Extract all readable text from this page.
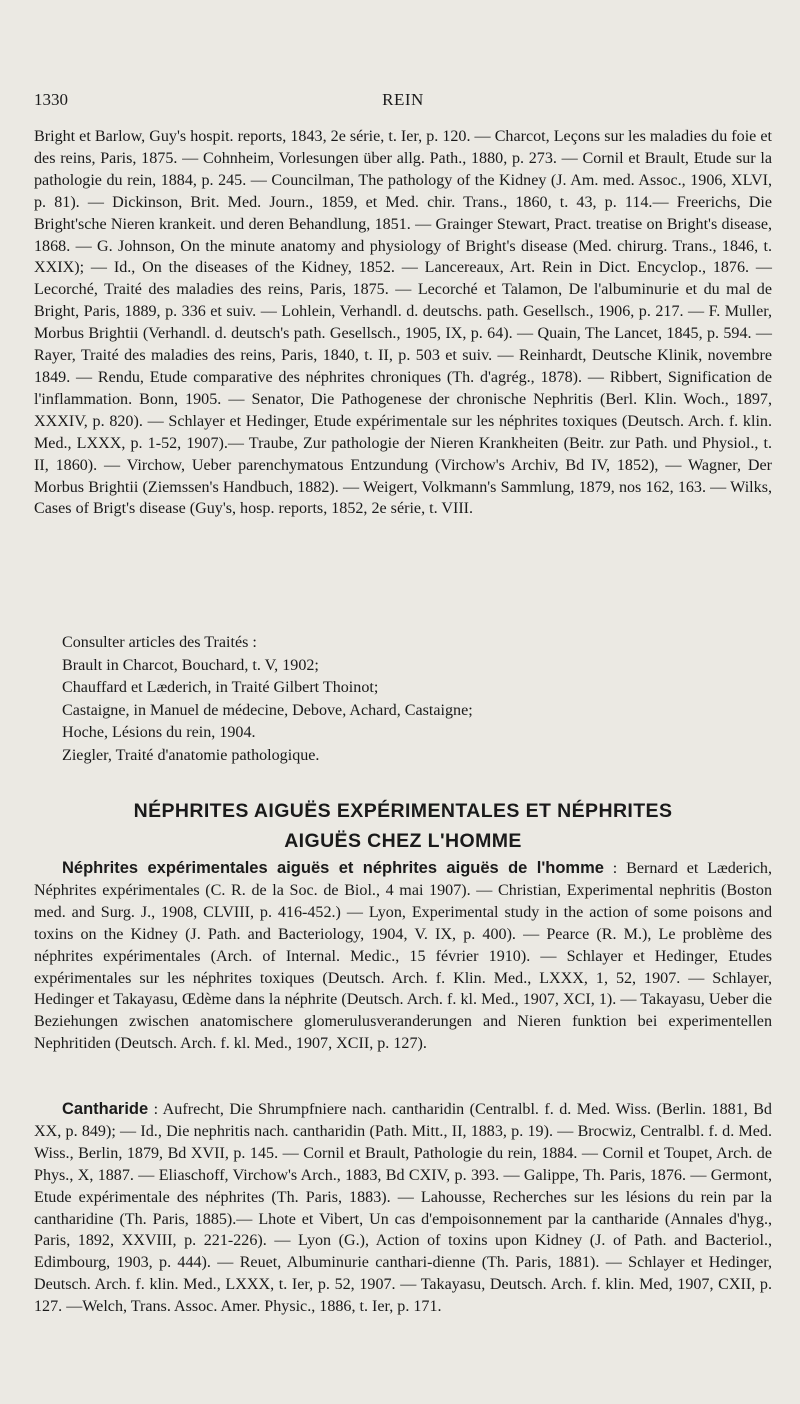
1330	REIN
Bright et Barlow, Guy's hospit. reports, 1843, 2e série, t. Ier, p. 120. — Charcot, Leçons sur les maladies du foie et des reins, Paris, 1875. — Cohnheim, Vorlesungen über allg. Path., 1880, p. 273. — Cornil et Brault, Etude sur la pathologie du rein, 1884, p. 245. — Councilman, The pathology of the Kidney (J. Am. med. Assoc., 1906, XLVI, p. 81). — Dickinson, Brit. Med. Journ., 1859, et Med. chir. Trans., 1860, t. 43, p. 114.— Freerichs, Die Bright'sche Nieren krankeit. und deren Behandlung, 1851. — Grainger Stewart, Pract. treatise on Bright's disease, 1868. — G. Johnson, On the minute anatomy and physiology of Bright's disease (Med. chirurg. Trans., 1846, t. XXIX); — Id., On the diseases of the Kidney, 1852. — Lancereaux, Art. Rein in Dict. Encyclop., 1876. — Lecorché, Traité des maladies des reins, Paris, 1875. — Lecorché et Talamon, De l'albuminurie et du mal de Bright, Paris, 1889, p. 336 et suiv. — Lohlein, Verhandl. d. deutschs. path. Gesellsch., 1906, p. 217. — F. Muller, Morbus Brightii (Verhandl. d. deutsch's path. Gesellsch., 1905, IX, p. 64). — Quain, The Lancet, 1845, p. 594. — Rayer, Traité des maladies des reins, Paris, 1840, t. II, p. 503 et suiv. — Reinhardt, Deutsche Klinik, novembre 1849. — Rendu, Etude comparative des néphrites chroniques (Th. d'agrég., 1878). — Ribbert, Signification de l'inflammation. Bonn, 1905. — Senator, Die Pathogenese der chronische Nephritis (Berl. Klin. Woch., 1897, XXXIV, p. 820). — Schlayer et Hedinger, Etude expérimentale sur les néphrites toxiques (Deutsch. Arch. f. klin. Med., LXXX, p. 1-52, 1907).— Traube, Zur pathologie der Nieren Krankheiten (Beitr. zur Path. und Physiol., t. II, 1860). — Virchow, Ueber parenchymatous Entzundung (Virchow's Archiv, Bd IV, 1852), — Wagner, Der Morbus Brightii (Ziemssen's Handbuch, 1882). — Weigert, Volkmann's Sammlung, 1879, nos 162, 163. — Wilks, Cases of Brigt's disease (Guy's, hosp. reports, 1852, 2e série, t. VIII.

Consulter articles des Traités :

Brault in Charcot, Bouchard, t. V, 1902;

Chauffard et Læderich, in Traité Gilbert Thoinot;

Castaigne, in Manuel de médecine, Debove, Achard, Castaigne;

Hoche, Lésions du rein, 1904.

Ziegler, Traité d'anatomie pathologique.

NÉPHRITES AIGUËS EXPÉRIMENTALES ET NÉPHRITES
AIGUËS CHEZ L'HOMME
Néphrites expérimentales aiguës et néphrites aiguës de l'homme : Bernard et Læderich, Néphrites expérimentales (C. R. de la Soc. de Biol., 4 mai 1907). — Christian, Experimental nephritis (Boston med. and Surg. J., 1908, CLVIII, p. 416-452.) — Lyon, Experimental study in the action of some poisons and toxins on the Kidney (J. Path. and Bacteriology, 1904, V. IX, p. 400). — Pearce (R. M.), Le problème des néphrites expérimentales (Arch. of Internal. Medic., 15 février 1910). — Schlayer et Hedinger, Etudes expérimentales sur les néphrites toxiques (Deutsch. Arch. f. Klin. Med., LXXX, 1, 52, 1907. — Schlayer, Hedinger et Takayasu, Œdème dans la néphrite (Deutsch. Arch. f. kl. Med., 1907, XCI, 1). — Takayasu, Ueber die Beziehungen zwischen anatomischere glomerulusveranderungen and Nieren funktion bei experimentellen Nephritiden (Deutsch. Arch. f. kl. Med., 1907, XCII, p. 127).
Cantharide : Aufrecht, Die Shrumpfniere nach. cantharidin (Centralbl. f. d. Med. Wiss. (Berlin. 1881, Bd XX, p. 849); — Id., Die nephritis nach. cantharidin (Path. Mitt., II, 1883, p. 19). — Brocwiz, Centralbl. f. d. Med. Wiss., Berlin, 1879, Bd XVII, p. 145. — Cornil et Brault, Pathologie du rein, 1884. — Cornil et Toupet, Arch. de Phys., X, 1887. — Eliaschoff, Virchow's Arch., 1883, Bd CXIV, p. 393. — Galippe, Th. Paris, 1876. — Germont, Etude expérimentale des néphrites (Th. Paris, 1883). — Lahousse, Recherches sur les lésions du rein par la cantharidine (Th. Paris, 1885).— Lhote et Vibert, Un cas d'empoisonnement par la cantharide (Annales d'hyg., Paris, 1892, XXVIII, p. 221-226). — Lyon (G.), Action of toxins upon Kidney (J. of Path. and Bacteriol., Edimbourg, 1903, p. 444). — Reuet, Albuminurie canthari-dienne (Th. Paris, 1881). — Schlayer et Hedinger, Deutsch. Arch. f. klin. Med., LXXX, t. Ier, p. 52, 1907. — Takayasu, Deutsch. Arch. f. klin. Med, 1907, CXII, p. 127. —Welch, Trans. Assoc. Amer. Physic., 1886, t. Ier, p. 171.
